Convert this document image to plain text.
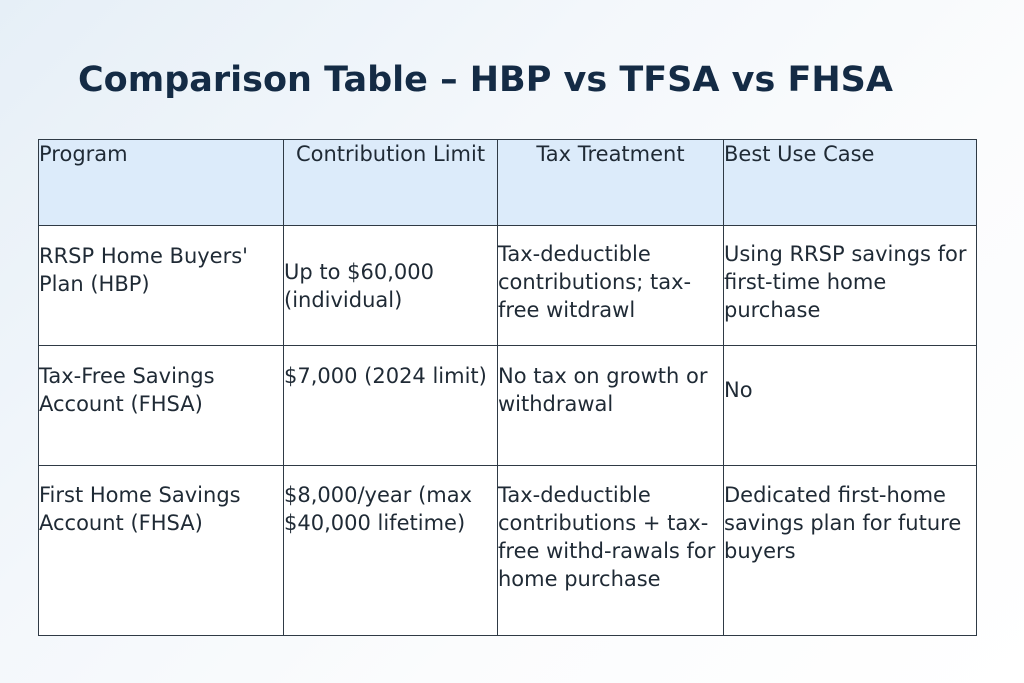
Comparison Table – HBP vs TFSA vs FHSA
Program	Contribution Limit	Tax Treatment	Best Use Case

RRSP Home Buyers' Plan (HBP)	Up to $60,000 (individual)	Tax-deductible contributions; tax-free witdrawl	Using RRSP savings for first-time home purchase

Tax-Free Savings Account (FHSA)	$7,000 (2024 limit)	No tax on growth or withdrawal	No

First Home Savings Account (FHSA)	$8,000/year (max $40,000 lifetime)	Tax-deductible contributions + tax-free withd-rawals for home purchase	Dedicated first-home savings plan for future buyers
